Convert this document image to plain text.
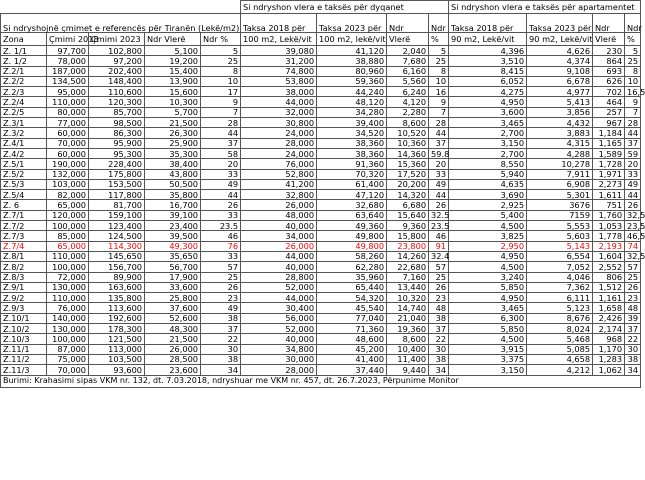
					Si ndryshon vlera e taksës për dyqanet				Si ndryshon vlera e taksës për apartamentet			
Si ndryshojnë çmimet e referencës për Tiranën (Lekë/m2)					Taksa 2018 për	Taksa 2023 për	Ndr	Ndr	Taksa 2018 për	Taksa 2023 për	Ndr	Ndr
Zona	Çmimi 2018	Çmimi 2023	Ndr Vlerë	Ndr %	100 m2, Lekë/vit	100 m2, lekë/vit	Vlerë	%	90 m2, Lekë/vit	90 m2, Lekë/vit	Vlerë	%
Z. 1/1	97,700	102,800	5,100	5	39,080	41,120	2,040	5	4,396	4,626	230	5
Z. 1/2	78,000	97,200	19,200	25	31,200	38,880	7,680	25	3,510	4,374	864	25
Z.2/1	187,000	202,400	15,400	8	74,800	80,960	6,160	8	8,415	9,108	693	8
Z.2/2	134,500	148,400	13,900	10	53,800	59,360	5,560	10	6,052	6,678	626	10
Z.2/3	95,000	110,600	15,600	17	38,000	44,240	6,240	16	4,275	4,977	702	16,5
Z.2/4	110,000	120,300	10,300	9	44,000	48,120	4,120	9	4,950	5,413	464	9
Z.2/5	80,000	85,700	5,700	7	32,000	34,280	2,280	7	3,600	3,856	257	7
Z.3/1	77,000	98,500	21,500	28	30,800	39,400	8,600	28	3,465	4,432	967	28
Z.3/2	60,000	86,300	26,300	44	24,000	34,520	10,520	44	2,700	3,883	1,184	44
Z.4/1	70,000	95,900	25,900	37	28,000	38,360	10,360	37	3,150	4,315	1,165	37
Z.4/2	60,000	95,300	35,300	58	24,000	38,360	14,360	59.8	2,700	4,288	1,589	59
Z.5/1	190,000	228,400	38,400	20	76,000	91,360	15,360	20	8,550	10,278	1,728	20
Z.5/2	132,000	175,800	43,800	33	52,800	70,320	17,520	33	5,940	7,911	1,971	33
Z.5/3	103,000	153,500	50,500	49	41,200	61,400	20,200	49	4,635	6,908	2,273	49
Z.5/4	82,000	117,800	35,800	44	32,800	47,120	14,320	44	3,690	5,301	1,611	44
Z. 6	65,000	81,700	16,700	26	26,000	32,680	6,680	26	2,925	3676	751	26
Z.7/1	120,000	159,100	39,100	33	48,000	63,640	15,640	32.5	5,400	7159	1,760	32,5
Z.7/2	100,000	123,400	23,400	23.5	40,000	49,360	9,360	23.5	4,500	5,553	1,053	23,5
Z.7/3	85,000	124,500	39,500	46	34,000	49,800	15,800	46	3,825	5,603	1,778	46,5
Z.7/4	65,000	114,300	49,300	76	26,000	49,800	23,800	91	2,950	5,143	2,193	74
Z.8/1	110,000	145,650	35,650	33	44,000	58,260	14,260	32.4	4,950	6,554	1,604	32,5
Z.8/2	100,000	156,700	56,700	57	40,000	62,280	22,680	57	4,500	7,052	2,552	57
Z.8/3	72,000	89,900	17,900	25	28,800	35,960	7,160	25	3,240	4,046	806	25
Z.9/1	130,000	163,600	33,600	26	52,000	65,440	13,440	26	5,850	7,362	1,512	26
Z.9/2	110,000	135,800	25,800	23	44,000	54,320	10,320	23	4,950	6,111	1,161	23
Z.9/3	76,000	113,600	37,600	49	30,400	45,540	14,740	48	3,465	5,123	1,658	48
Z.10/1	140,000	192,600	52,600	38	56,000	77,040	21,040	38	6,300	8,676	2,426	39
Z.10/2	130,000	178,300	48,300	37	52,000	71,360	19,360	37	5,850	8,024	2,174	37
Z.10/3	100,000	121,500	21,500	22	40,000	48,600	8,600	22	4,500	5,468	968	22
Z.11/1	87,000	113,000	26,000	30	34,800	45,200	10,400	30	3,915	5,085	1,170	30
Z.11/2	75,000	103,500	28,500	38	30,000	41,400	11,400	38	3,375	4,658	1,283	38
Z.11/3	70,000	93,600	23,600	34	28,000	37,440	9,440	34	3,150	4,212	1,062	34
Burimi: Krahasimi sipas VKM nr. 132, dt. 7.03.2018, ndryshuar me VKM nr. 457, dt. 26.7.2023, Përpunime Monitor												
